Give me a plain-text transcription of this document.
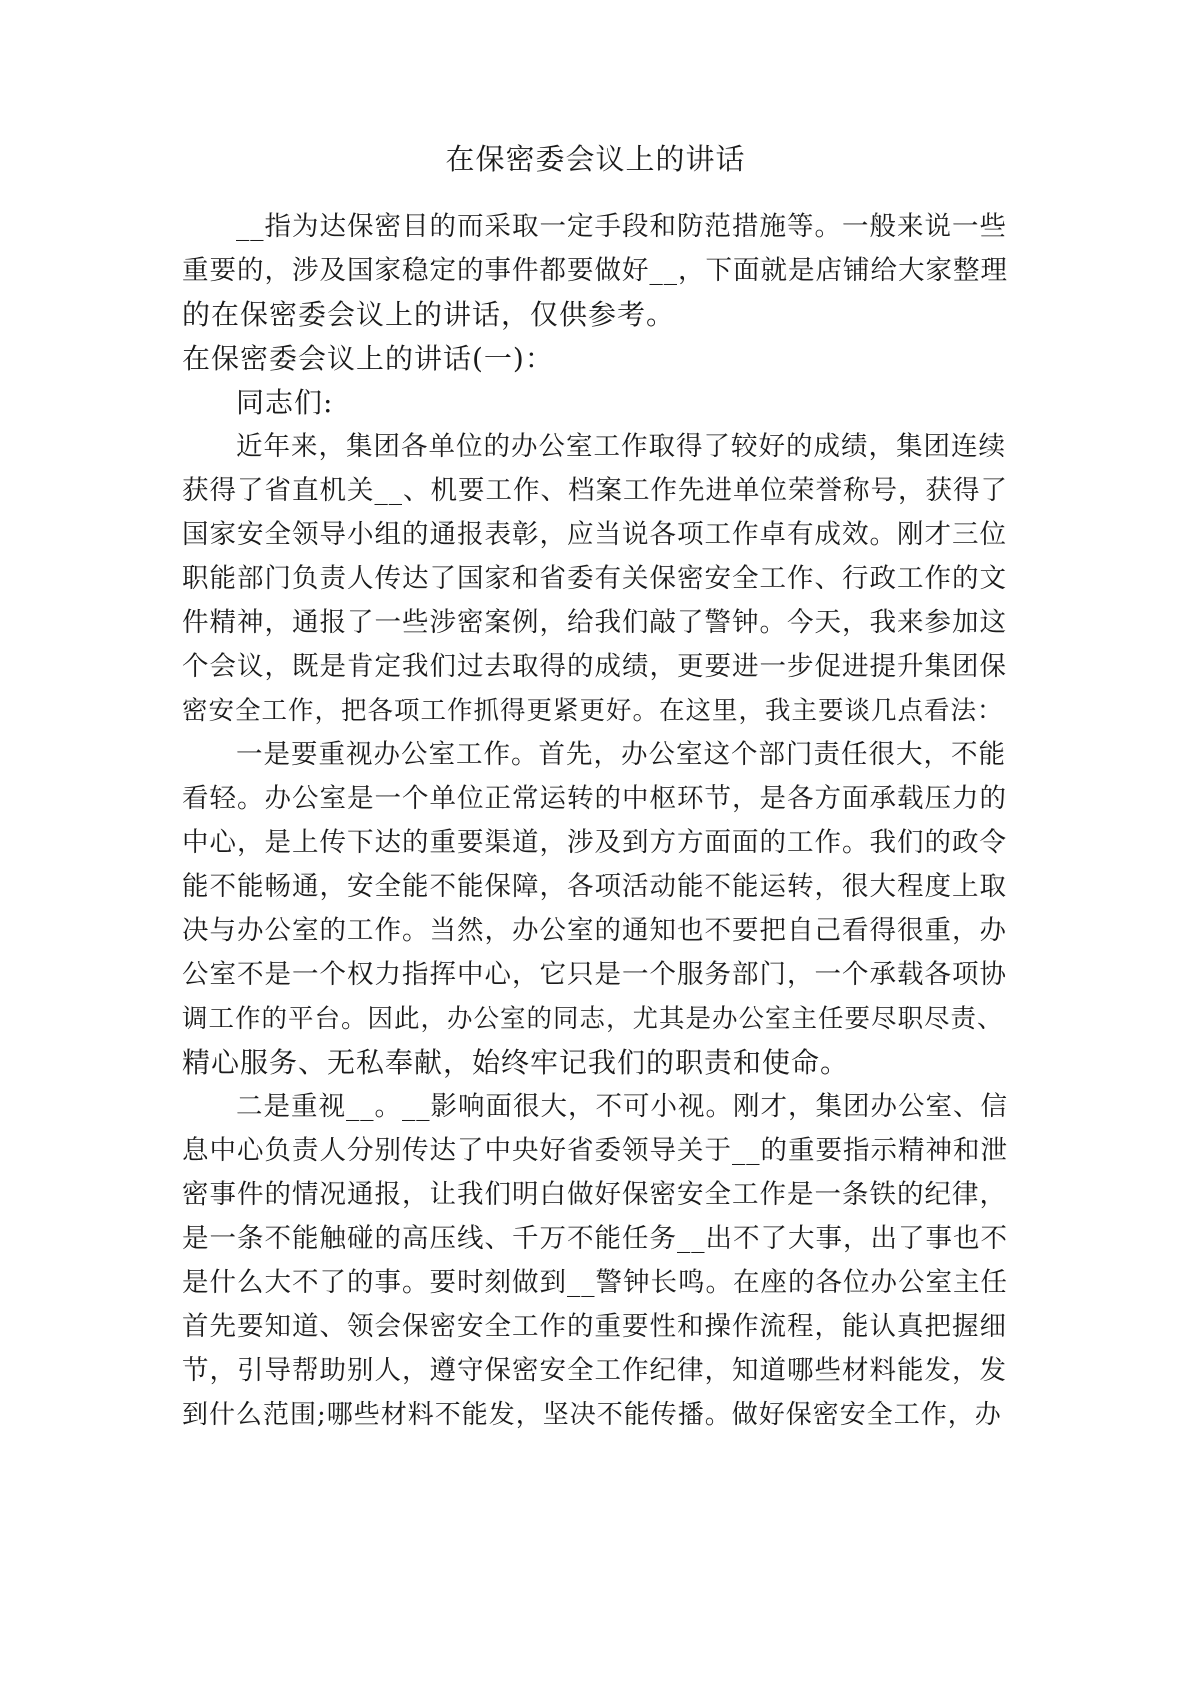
在保密委会议上的讲话
__指为达保密目的而采取一定手段和防范措施等。一般来说一些
重要的，涉及国家稳定的事件都要做好__，下面就是店铺给大家整理
的在保密委会议上的讲话，仅供参考。
在保密委会议上的讲话(一)：
同志们:
近年来，集团各单位的办公室工作取得了较好的成绩，集团连续
获得了省直机关__、机要工作、档案工作先进单位荣誉称号，获得了
国家安全领导小组的通报表彰，应当说各项工作卓有成效。刚才三位
职能部门负责人传达了国家和省委有关保密安全工作、行政工作的文
件精神，通报了一些涉密案例，给我们敲了警钟。今天，我来参加这
个会议，既是肯定我们过去取得的成绩，更要进一步促进提升集团保
密安全工作，把各项工作抓得更紧更好。在这里，我主要谈几点看法：
一是要重视办公室工作。首先，办公室这个部门责任很大，不能
看轻。办公室是一个单位正常运转的中枢环节，是各方面承载压力的
中心，是上传下达的重要渠道，涉及到方方面面的工作。我们的政令
能不能畅通，安全能不能保障，各项活动能不能运转，很大程度上取
决与办公室的工作。当然，办公室的通知也不要把自己看得很重，办
公室不是一个权力指挥中心，它只是一个服务部门，一个承载各项协
调工作的平台。因此，办公室的同志，尤其是办公室主任要尽职尽责、
精心服务、无私奉献，始终牢记我们的职责和使命。
二是重视__。__影响面很大，不可小视。刚才，集团办公室、信
息中心负责人分别传达了中央好省委领导关于__的重要指示精神和泄
密事件的情况通报，让我们明白做好保密安全工作是一条铁的纪律，
是一条不能触碰的高压线、千万不能任务__出不了大事，出了事也不
是什么大不了的事。要时刻做到__警钟长鸣。在座的各位办公室主任
首先要知道、领会保密安全工作的重要性和操作流程，能认真把握细
节，引导帮助别人，遵守保密安全工作纪律，知道哪些材料能发，发
到什么范围;哪些材料不能发，坚决不能传播。做好保密安全工作，办
